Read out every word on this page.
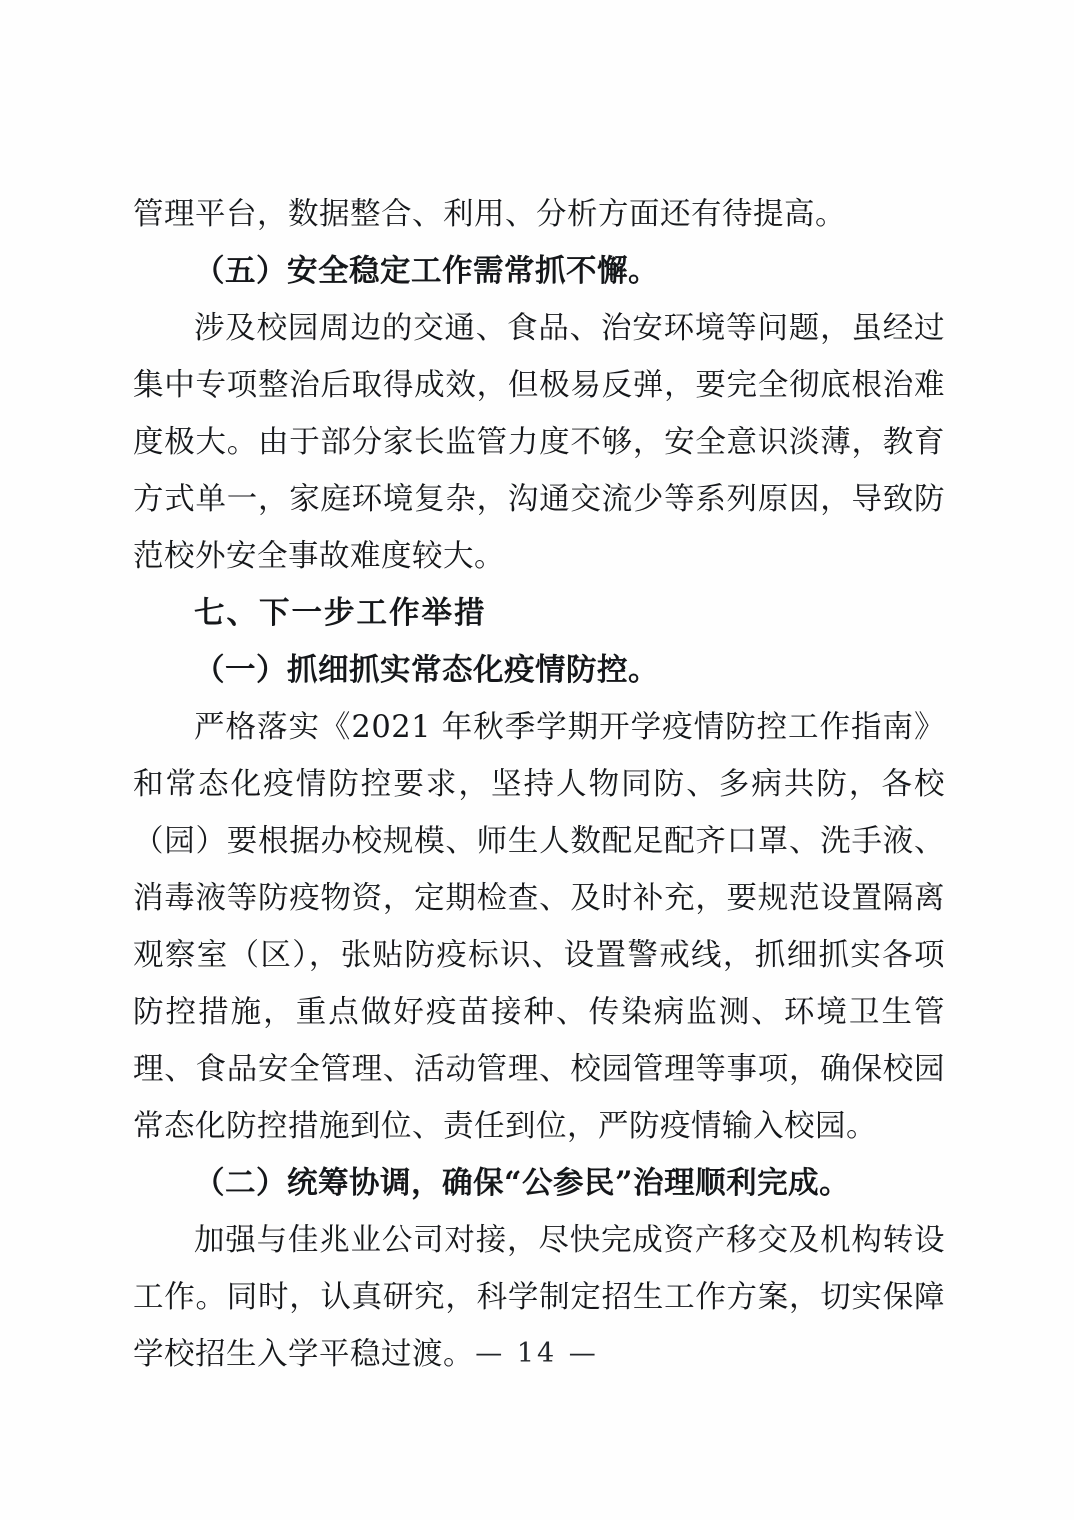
管理平台，数据整合、利用、分析方面还有待提高。

（五）安全稳定工作需常抓不懈。

涉及校园周边的交通、食品、治安环境等问题，虽经过集中专项整治后取得成效，但极易反弹，要完全彻底根治难度极大。由于部分家长监管力度不够，安全意识淡薄，教育方式单一，家庭环境复杂，沟通交流少等系列原因，导致防范校外安全事故难度较大。

七、下一步工作举措

（一）抓细抓实常态化疫情防控。

严格落实《2021 年秋季学期开学疫情防控工作指南》和常态化疫情防控要求，坚持人物同防、多病共防，各校（园）要根据办校规模、师生人数配足配齐口罩、洗手液、消毒液等防疫物资，定期检查、及时补充，要规范设置隔离观察室（区），张贴防疫标识、设置警戒线，抓细抓实各项防控措施，重点做好疫苗接种、传染病监测、环境卫生管理、食品安全管理、活动管理、校园管理等事项，确保校园常态化防控措施到位、责任到位，严防疫情输入校园。

（二）统筹协调，确保“公参民”治理顺利完成。

加强与佳兆业公司对接，尽快完成资产移交及机构转设工作。同时，认真研究，科学制定招生工作方案，切实保障学校招生入学平稳过渡。 — 14 —
